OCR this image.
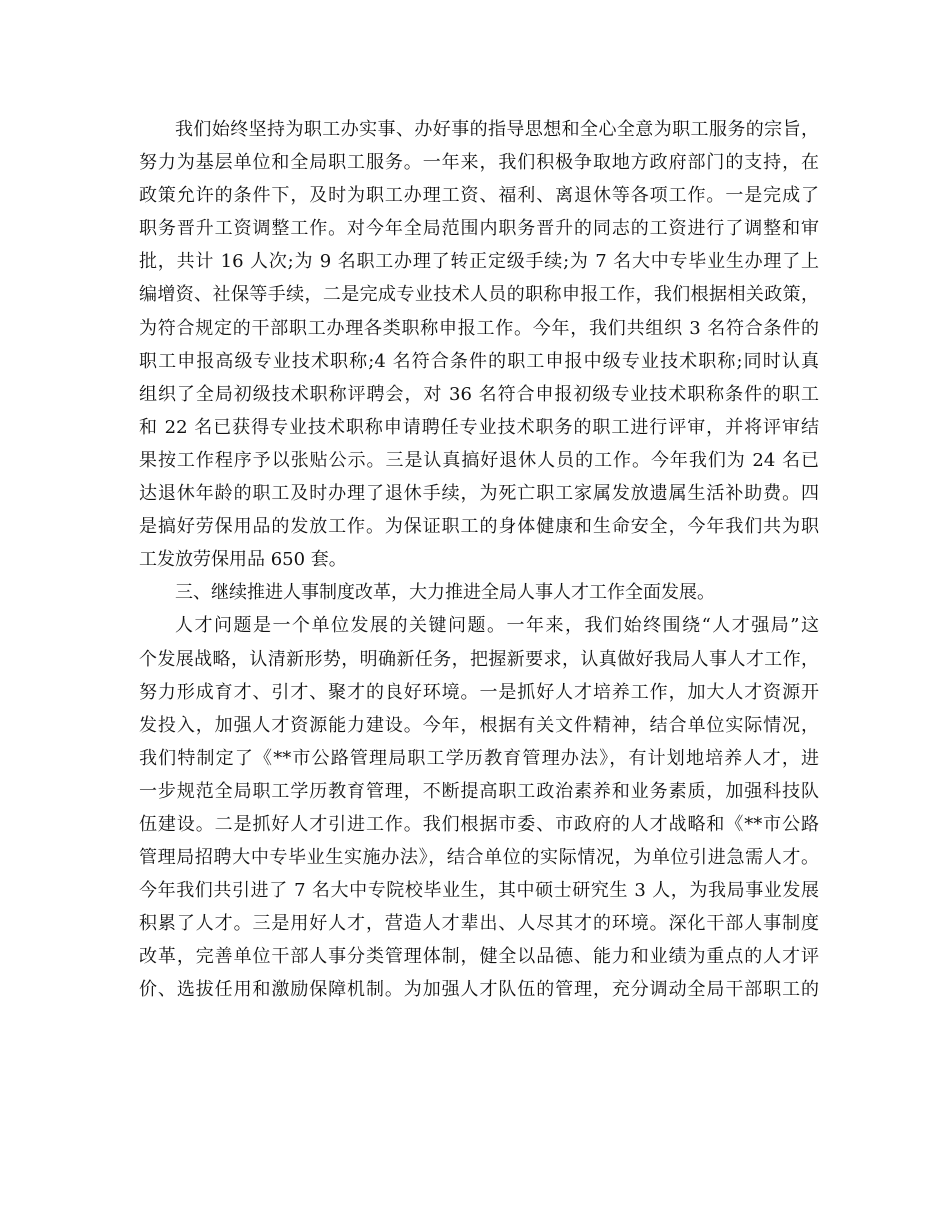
我们始终坚持为职工办实事、办好事的指导思想和全心全意为职工服务的宗旨，
努力为基层单位和全局职工服务。一年来，我们积极争取地方政府部门的支持，在
政策允许的条件下，及时为职工办理工资、福利、离退休等各项工作。一是完成了
职务晋升工资调整工作。对今年全局范围内职务晋升的同志的工资进行了调整和审
批，共计 16 人次;为 9 名职工办理了转正定级手续;为 7 名大中专毕业生办理了上
编增资、社保等手续，二是完成专业技术人员的职称申报工作，我们根据相关政策，
为符合规定的干部职工办理各类职称申报工作。今年，我们共组织 3 名符合条件的
职工申报高级专业技术职称;4 名符合条件的职工申报中级专业技术职称;同时认真
组织了全局初级技术职称评聘会，对 36 名符合申报初级专业技术职称条件的职工
和 22 名已获得专业技术职称申请聘任专业技术职务的职工进行评审，并将评审结
果按工作程序予以张贴公示。三是认真搞好退休人员的工作。今年我们为 24 名已
达退休年龄的职工及时办理了退休手续，为死亡职工家属发放遗属生活补助费。四
是搞好劳保用品的发放工作。为保证职工的身体健康和生命安全，今年我们共为职
工发放劳保用品 650 套。
三、继续推进人事制度改革，大力推进全局人事人才工作全面发展。
人才问题是一个单位发展的关键问题。一年来，我们始终围绕“人才强局”这
个发展战略，认清新形势，明确新任务，把握新要求，认真做好我局人事人才工作，
努力形成育才、引才、聚才的良好环境。一是抓好人才培养工作，加大人才资源开
发投入，加强人才资源能力建设。今年，根据有关文件精神，结合单位实际情况，
我们特制定了《**市公路管理局职工学历教育管理办法》，有计划地培养人才，进
一步规范全局职工学历教育管理，不断提高职工政治素养和业务素质，加强科技队
伍建设。二是抓好人才引进工作。我们根据市委、市政府的人才战略和《**市公路
管理局招聘大中专毕业生实施办法》，结合单位的实际情况，为单位引进急需人才。
今年我们共引进了 7 名大中专院校毕业生，其中硕士研究生 3 人，为我局事业发展
积累了人才。三是用好人才，营造人才辈出、人尽其才的环境。深化干部人事制度
改革，完善单位干部人事分类管理体制，健全以品德、能力和业绩为重点的人才评
价、选拔任用和激励保障机制。为加强人才队伍的管理，充分调动全局干部职工的
